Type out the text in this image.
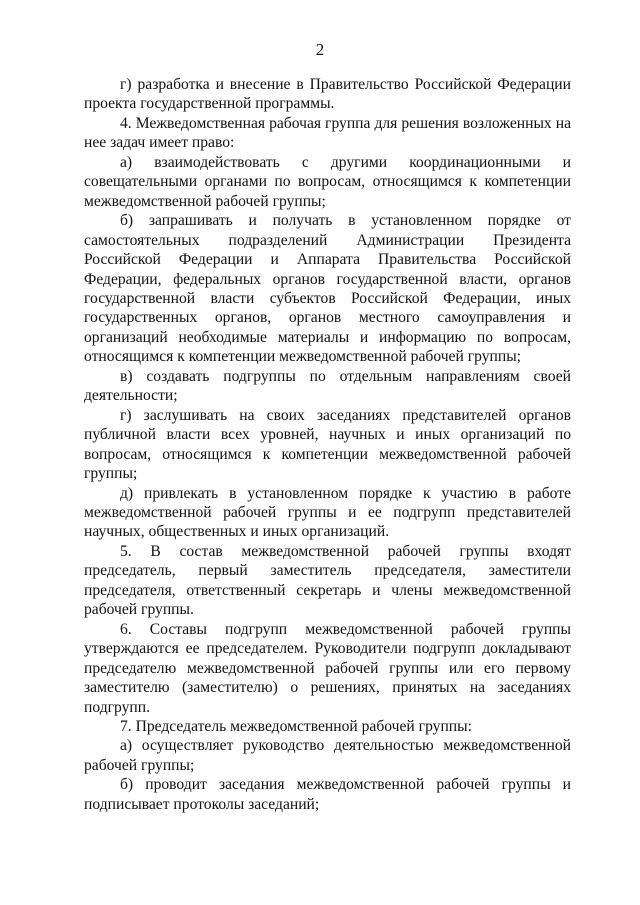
2

г) разработка и внесение в Правительство Российской Федерации проекта государственной программы.

4. Межведомственная рабочая группа для решения возложенных на нее задач имеет право:

а) взаимодействовать с другими координационными и совещательными органами по вопросам, относящимся к компетенции межведомственной рабочей группы;

б) запрашивать и получать в установленном порядке от самостоятельных подразделений Администрации Президента Российской Федерации и Аппарата Правительства Российской Федерации, федеральных органов государственной власти, органов государственной власти субъектов Российской Федерации, иных государственных органов, органов местного самоуправления и организаций необходимые материалы и информацию по вопросам, относящимся к компетенции межведомственной рабочей группы;

в) создавать подгруппы по отдельным направлениям своей деятельности;

г) заслушивать на своих заседаниях представителей органов публичной власти всех уровней, научных и иных организаций по вопросам, относящимся к компетенции межведомственной рабочей группы;

д) привлекать в установленном порядке к участию в работе межведомственной рабочей группы и ее подгрупп представителей научных, общественных и иных организаций.

5. В состав межведомственной рабочей группы входят председатель, первый заместитель председателя, заместители председателя, ответственный секретарь и члены межведомственной рабочей группы.

6. Составы подгрупп межведомственной рабочей группы утверждаются ее председателем. Руководители подгрупп докладывают председателю межведомственной рабочей группы или его первому заместителю (заместителю) о решениях, принятых на заседаниях подгрупп.

7. Председатель межведомственной рабочей группы:

а) осуществляет руководство деятельностью межведомственной рабочей группы;

б) проводит заседания межведомственной рабочей группы и подписывает протоколы заседаний;
